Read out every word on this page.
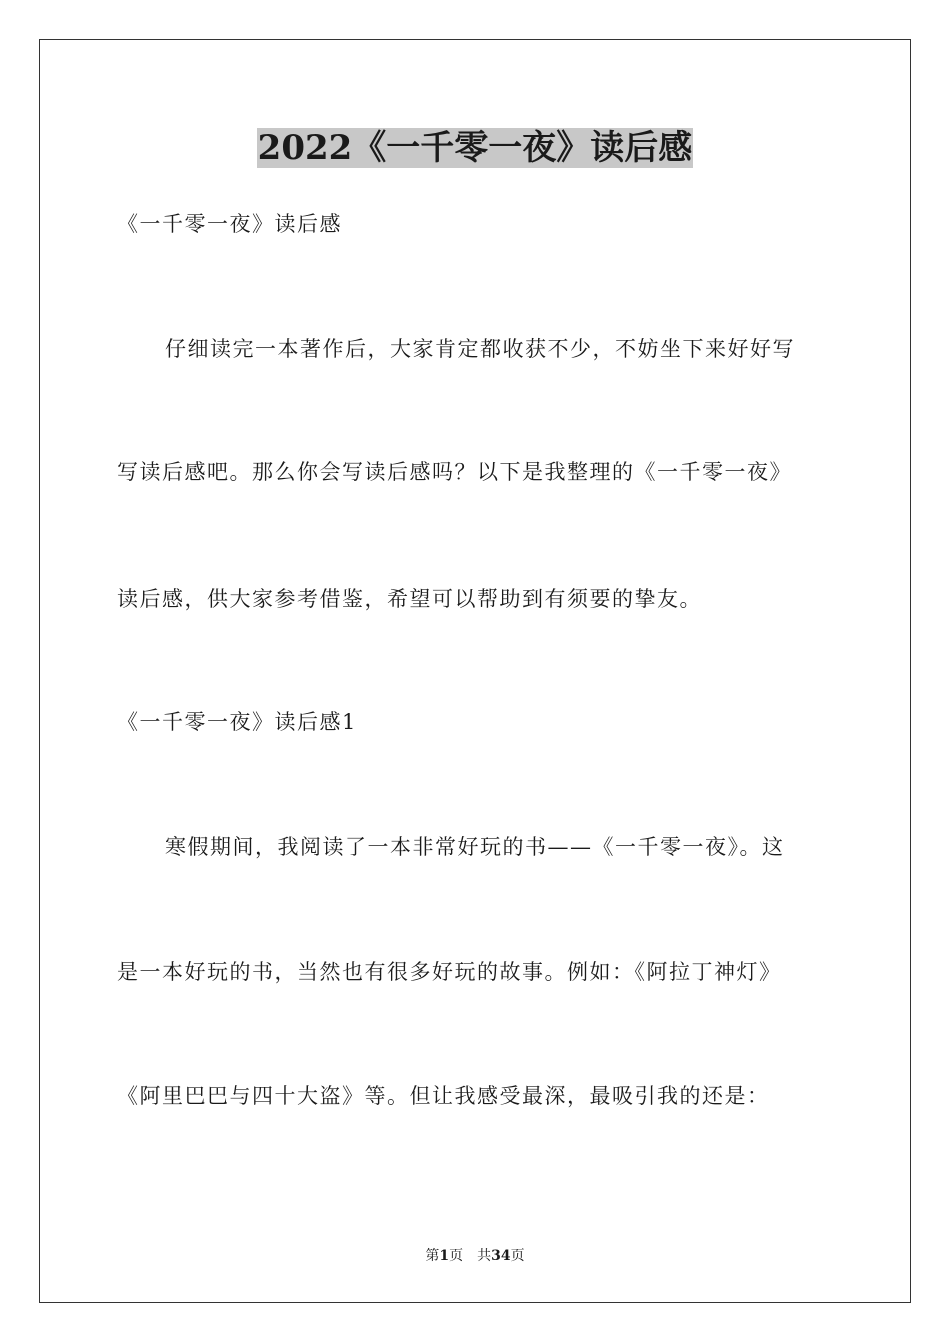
2022《一千零一夜》读后感

《一千零一夜》读后感

仔细读完一本著作后，大家肯定都收获不少，不妨坐下来好好写

写读后感吧。那么你会写读后感吗？以下是我整理的《一千零一夜》

读后感，供大家参考借鉴，希望可以帮助到有须要的挚友。

《一千零一夜》读后感1

寒假期间，我阅读了一本非常好玩的书——《一千零一夜》。这

是一本好玩的书，当然也有很多好玩的故事。例如：《阿拉丁神灯》

《阿里巴巴与四十大盗》等。但让我感受最深，最吸引我的还是：

第1页 共34页
